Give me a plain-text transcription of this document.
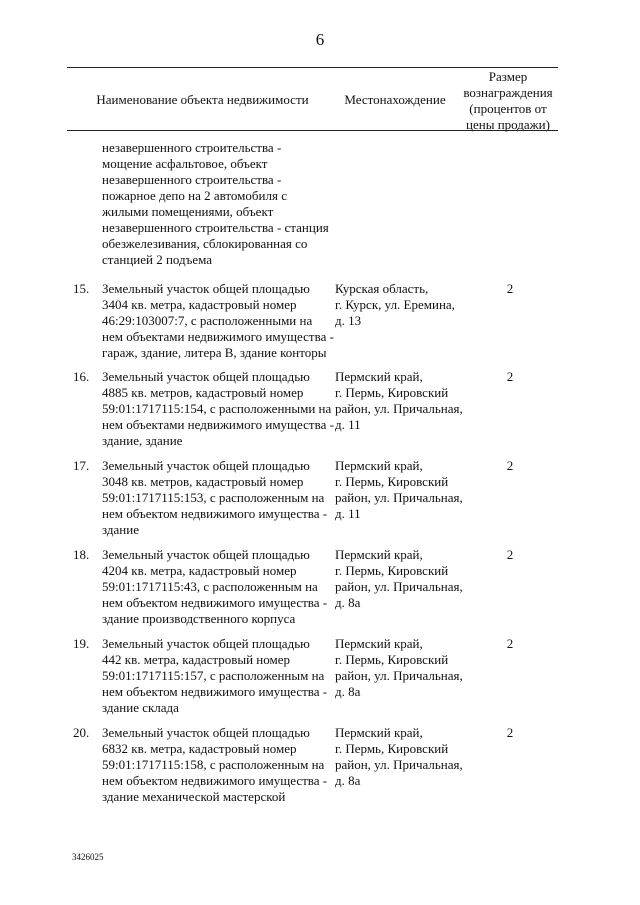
6
Наименование объекта недвижимости	Местонахождение
Размер
вознаграждения
(процентов от
цены продажи)
незавершенного строительства -
мощение асфальтовое, объект
незавершенного строительства -
пожарное депо на 2 автомобиля с
жилыми помещениями, объект
незавершенного строительства - станция
обезжелезивания, сблокированная со
станцией 2 подъема
15. Земельный участок общей площадью
3404 кв. метра, кадастровый номер
46:29:103007:7, с расположенными на
нем объектами недвижимого имущества -
гараж, здание, литера В, здание конторы
Курская область,
г. Курск, ул. Еремина,
д. 13
2
16. Земельный участок общей площадью
4885 кв. метров, кадастровый номер
59:01:1717115:154, с расположенными на
нем объектами недвижимого имущества -
здание, здание
Пермский край,
г. Пермь, Кировский
район, ул. Причальная,
д. 11
2
17. Земельный участок общей площадью
3048 кв. метров, кадастровый номер
59:01:1717115:153, с расположенным на
нем объектом недвижимого имущества -
здание
Пермский край,
г. Пермь, Кировский
район, ул. Причальная,
д. 11
2
18. Земельный участок общей площадью
4204 кв. метра, кадастровый номер
59:01:1717115:43, с расположенным на
нем объектом недвижимого имущества -
здание производственного корпуса
Пермский край,
г. Пермь, Кировский
район, ул. Причальная,
д. 8а
2
19. Земельный участок общей площадью
442 кв. метра, кадастровый номер
59:01:1717115:157, с расположенным на
нем объектом недвижимого имущества -
здание склада
Пермский край,
г. Пермь, Кировский
район, ул. Причальная,
д. 8а
2
20. Земельный участок общей площадью
6832 кв. метра, кадастровый номер
59:01:1717115:158, с расположенным на
нем объектом недвижимого имущества -
здание механической мастерской
Пермский край,
г. Пермь, Кировский
район, ул. Причальная,
д. 8а
2
3426025
